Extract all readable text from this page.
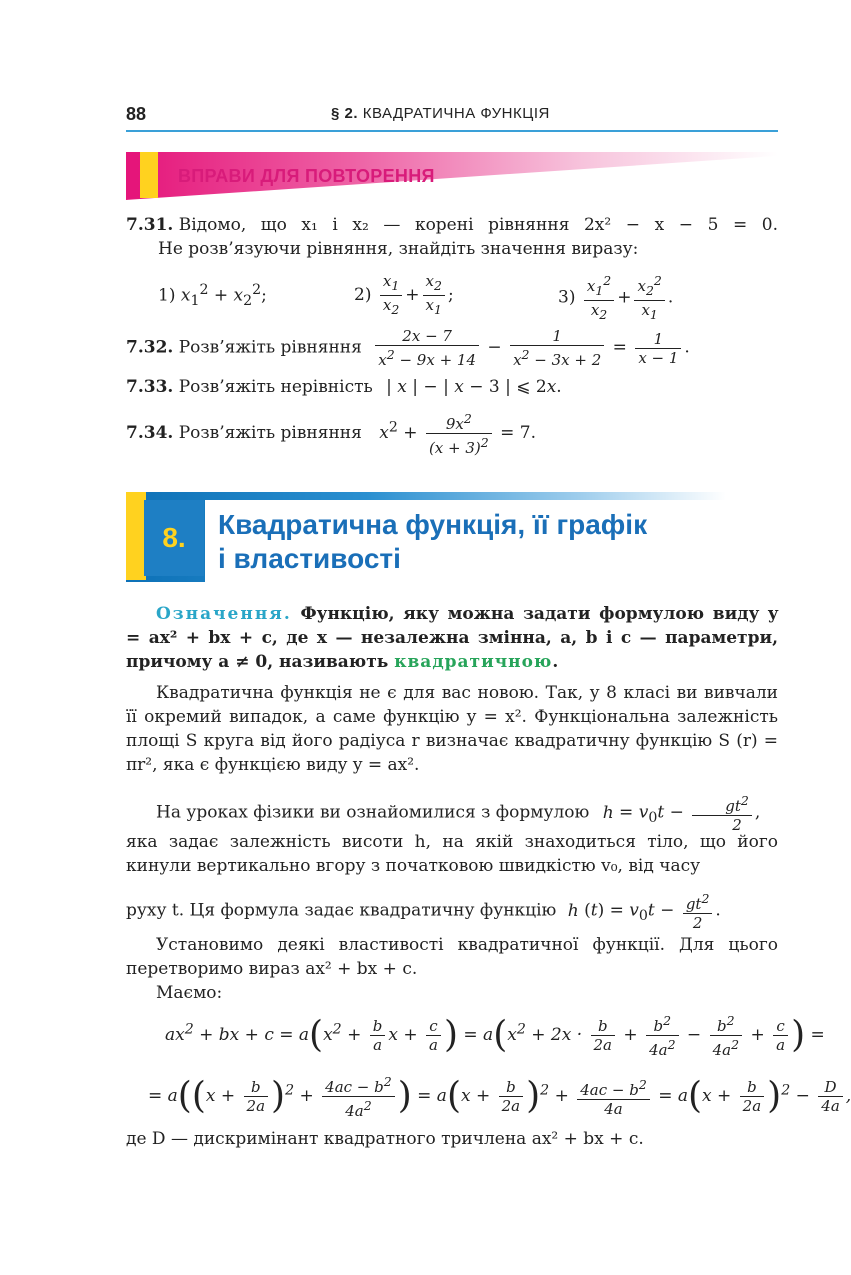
88	§ 2. КВАДРАТИЧНА ФУНКЦІЯ
ВПРАВИ ДЛЯ ПОВТОРЕННЯ
7.31.
Відомо, що x₁ і x₂ — корені рівняння 2x² − x − 5 = 0.
Не розв’язуючи рівняння, знайдіть значення виразу:
1) $x_1^2 + x_2^2$;	$2) \frac{x_1}{x_2} + \frac{x_2}{x_1}$ ;	$3) \frac{x_1^2}{x_2} + \frac{x_2^2}{x_1}$ .
7.32. Розв’яжіть рівняння $\frac{2x - 7}{x^2 - 9x + 14} - \frac{1}{x^2 - 3x + 2} = \frac{1}{x - 1}$ .
7.33. Розв’яжіть нерівність | x | − | x − 3 | ⩽ 2x.
7.34. Розв’яжіть рівняння $x^2 + \frac{9x^2}{(x + 3)^2} = 7$.
8.	Квадратична функція, її графік
і властивості
Означення. Функцію, яку можна задати формулою виду y = ax² + bx + c, де x — незалежна змінна, a, b і c — параметри, причому a ≠ 0, називають квадратичною.
Квадратична функція не є для вас новою. Так, у 8 класі ви вивчали її окремий випадок, а саме функцію y = x². Функціональна залежність площі S круга від його радіуса r визначає квадратичну функцію S (r) = πr², яка є функцією виду y = ax².
На уроках фізики ви ознайомилися з формулою $h = v_0t - \frac{gt^2}{2}$ ,
яка задає залежність висоти h, на якій знаходиться тіло, що його кинули вертикально вгору з початковою швидкістю v₀, від часу
руху t. Ця формула задає квадратичну функцію h $(t) = v_0t - \frac{gt^2}{2}$ .
Установимо деякі властивості квадратичної функції. Для цього перетворимо вираз ax² + bx + c.
Маємо:
$ax^2$ + bx + $c = a(x^2 + \frac{b}{a}$ $x + \frac{c}{a}$ ) = $a(x^2 + 2x \cdot \frac{b}{2a} + \frac{b^2}{4a^2} - \frac{b^2}{4a^2} + \frac{c}{a}$ ) =
= $a((x + \frac{b}{2a} )^2 + \frac{4ac - b^2}{4a^2}$ ) = $a(x + \frac{b}{2a} )^2 + \frac{4ac - b^2}{4a} = a(x + \frac{b}{2a} )^2 - \frac{D}{4a}$ ,
де D — дискримінант квадратного тричлена ax² + bx + c.
